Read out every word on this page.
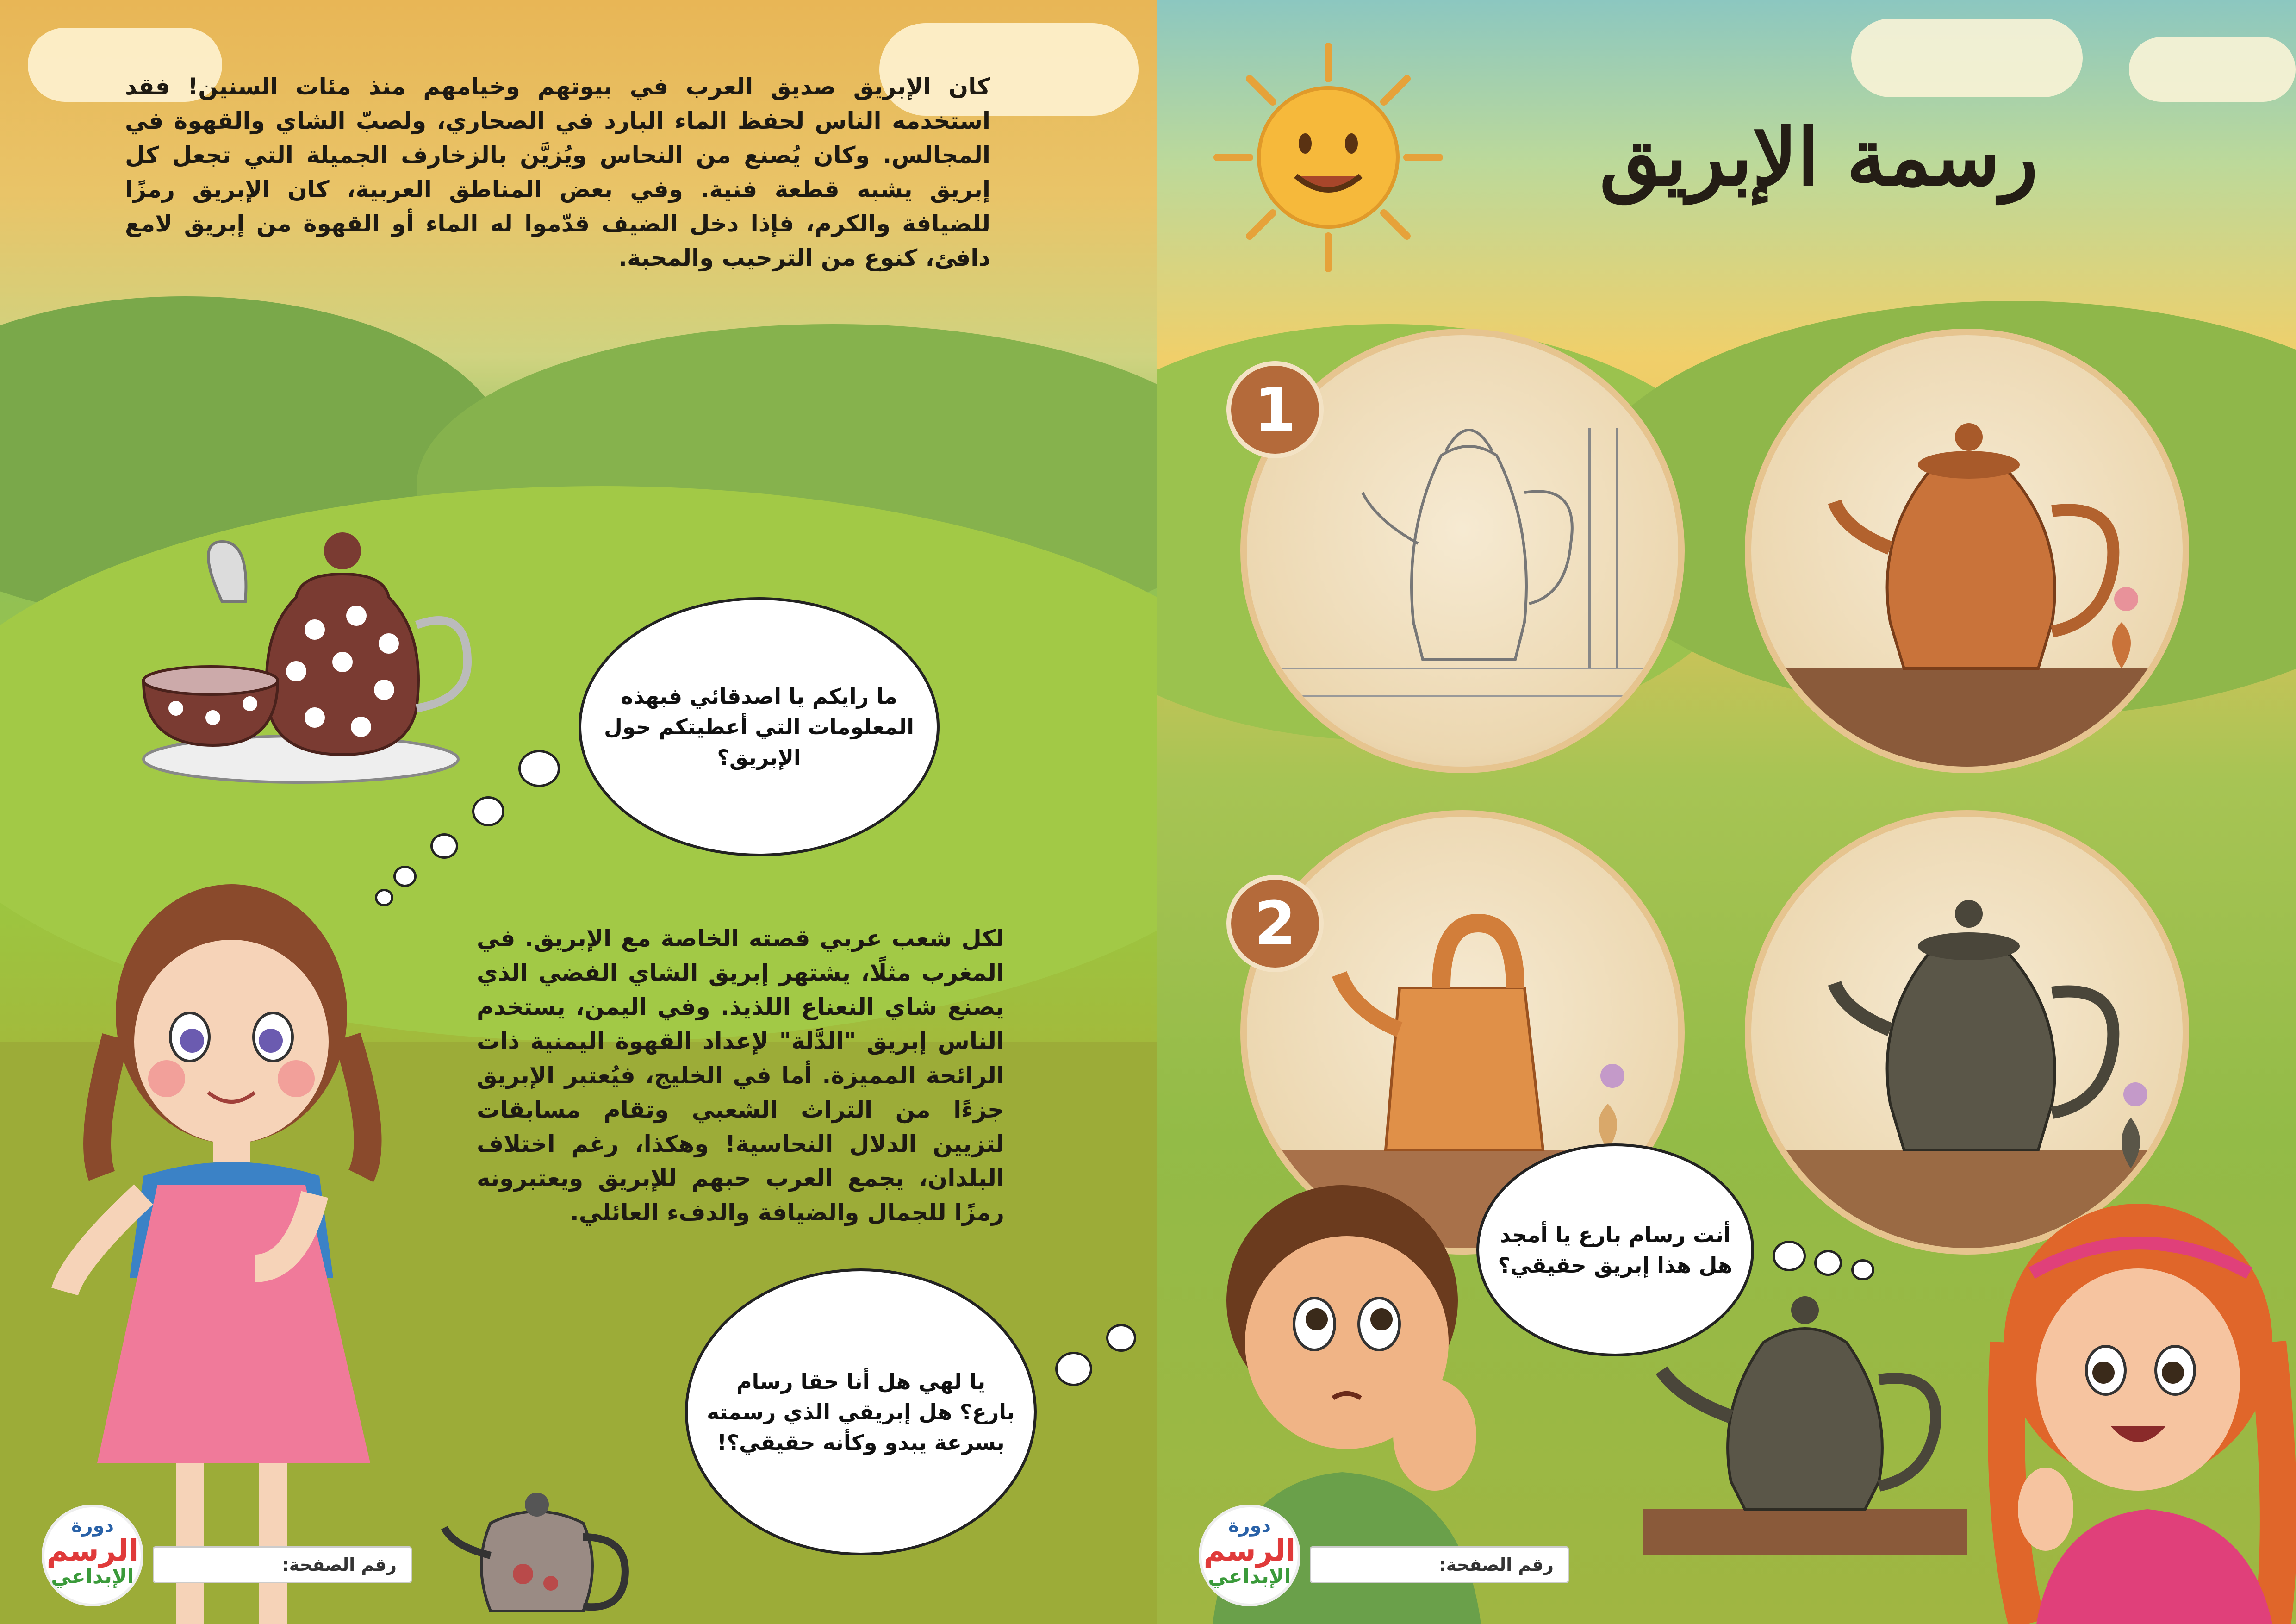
كان الإبريق صديق العرب في بيوتهم وخيامهم منذ مئات السنين! فقد استخدمه الناس لحفظ الماء البارد في الصحاري، ولصبّ الشاي والقهوة في المجالس. وكان يُصنع من النحاس ويُزيَّن بالزخارف الجميلة التي تجعل كل إبريق يشبه قطعة فنية. وفي بعض المناطق العربية، كان الإبريق رمزًا للضيافة والكرم، فإذا دخل الضيف قدّموا له الماء أو القهوة من إبريق لامع دافئ، كنوع من الترحيب والمحبة.
ما رايكم يا اصدقائي فبهذه المعلومات التي أعطيتكم حول الإبريق؟
لكل شعب عربي قصته الخاصة مع الإبريق. في المغرب مثلًا، يشتهر إبريق الشاي الفضي الذي يصنع شاي النعناع اللذيذ. وفي اليمن، يستخدم الناس إبريق "الدَّلة" لإعداد القهوة اليمنية ذات الرائحة المميزة. أما في الخليج، فيُعتبر الإبريق جزءًا من التراث الشعبي وتقام مسابقات لتزيين الدلال النحاسية! وهكذا، رغم اختلاف البلدان، يجمع العرب حبهم للإبريق ويعتبرونه رمزًا للجمال والضيافة والدفء العائلي.
يا لهي هل أنا حقا رسام بارع؟ هل إبريقي الذي رسمته بسرعة يبدو وكأنه حقيقي؟!
رقم الصفحة:
دورة
الرسم
الإبداعي
رسمة الإبريق
1
2
أنت رسام بارع يا أمجد هل هذا إبريق حقيقي؟
رقم الصفحة:
دورة
الرسم
الإبداعي
